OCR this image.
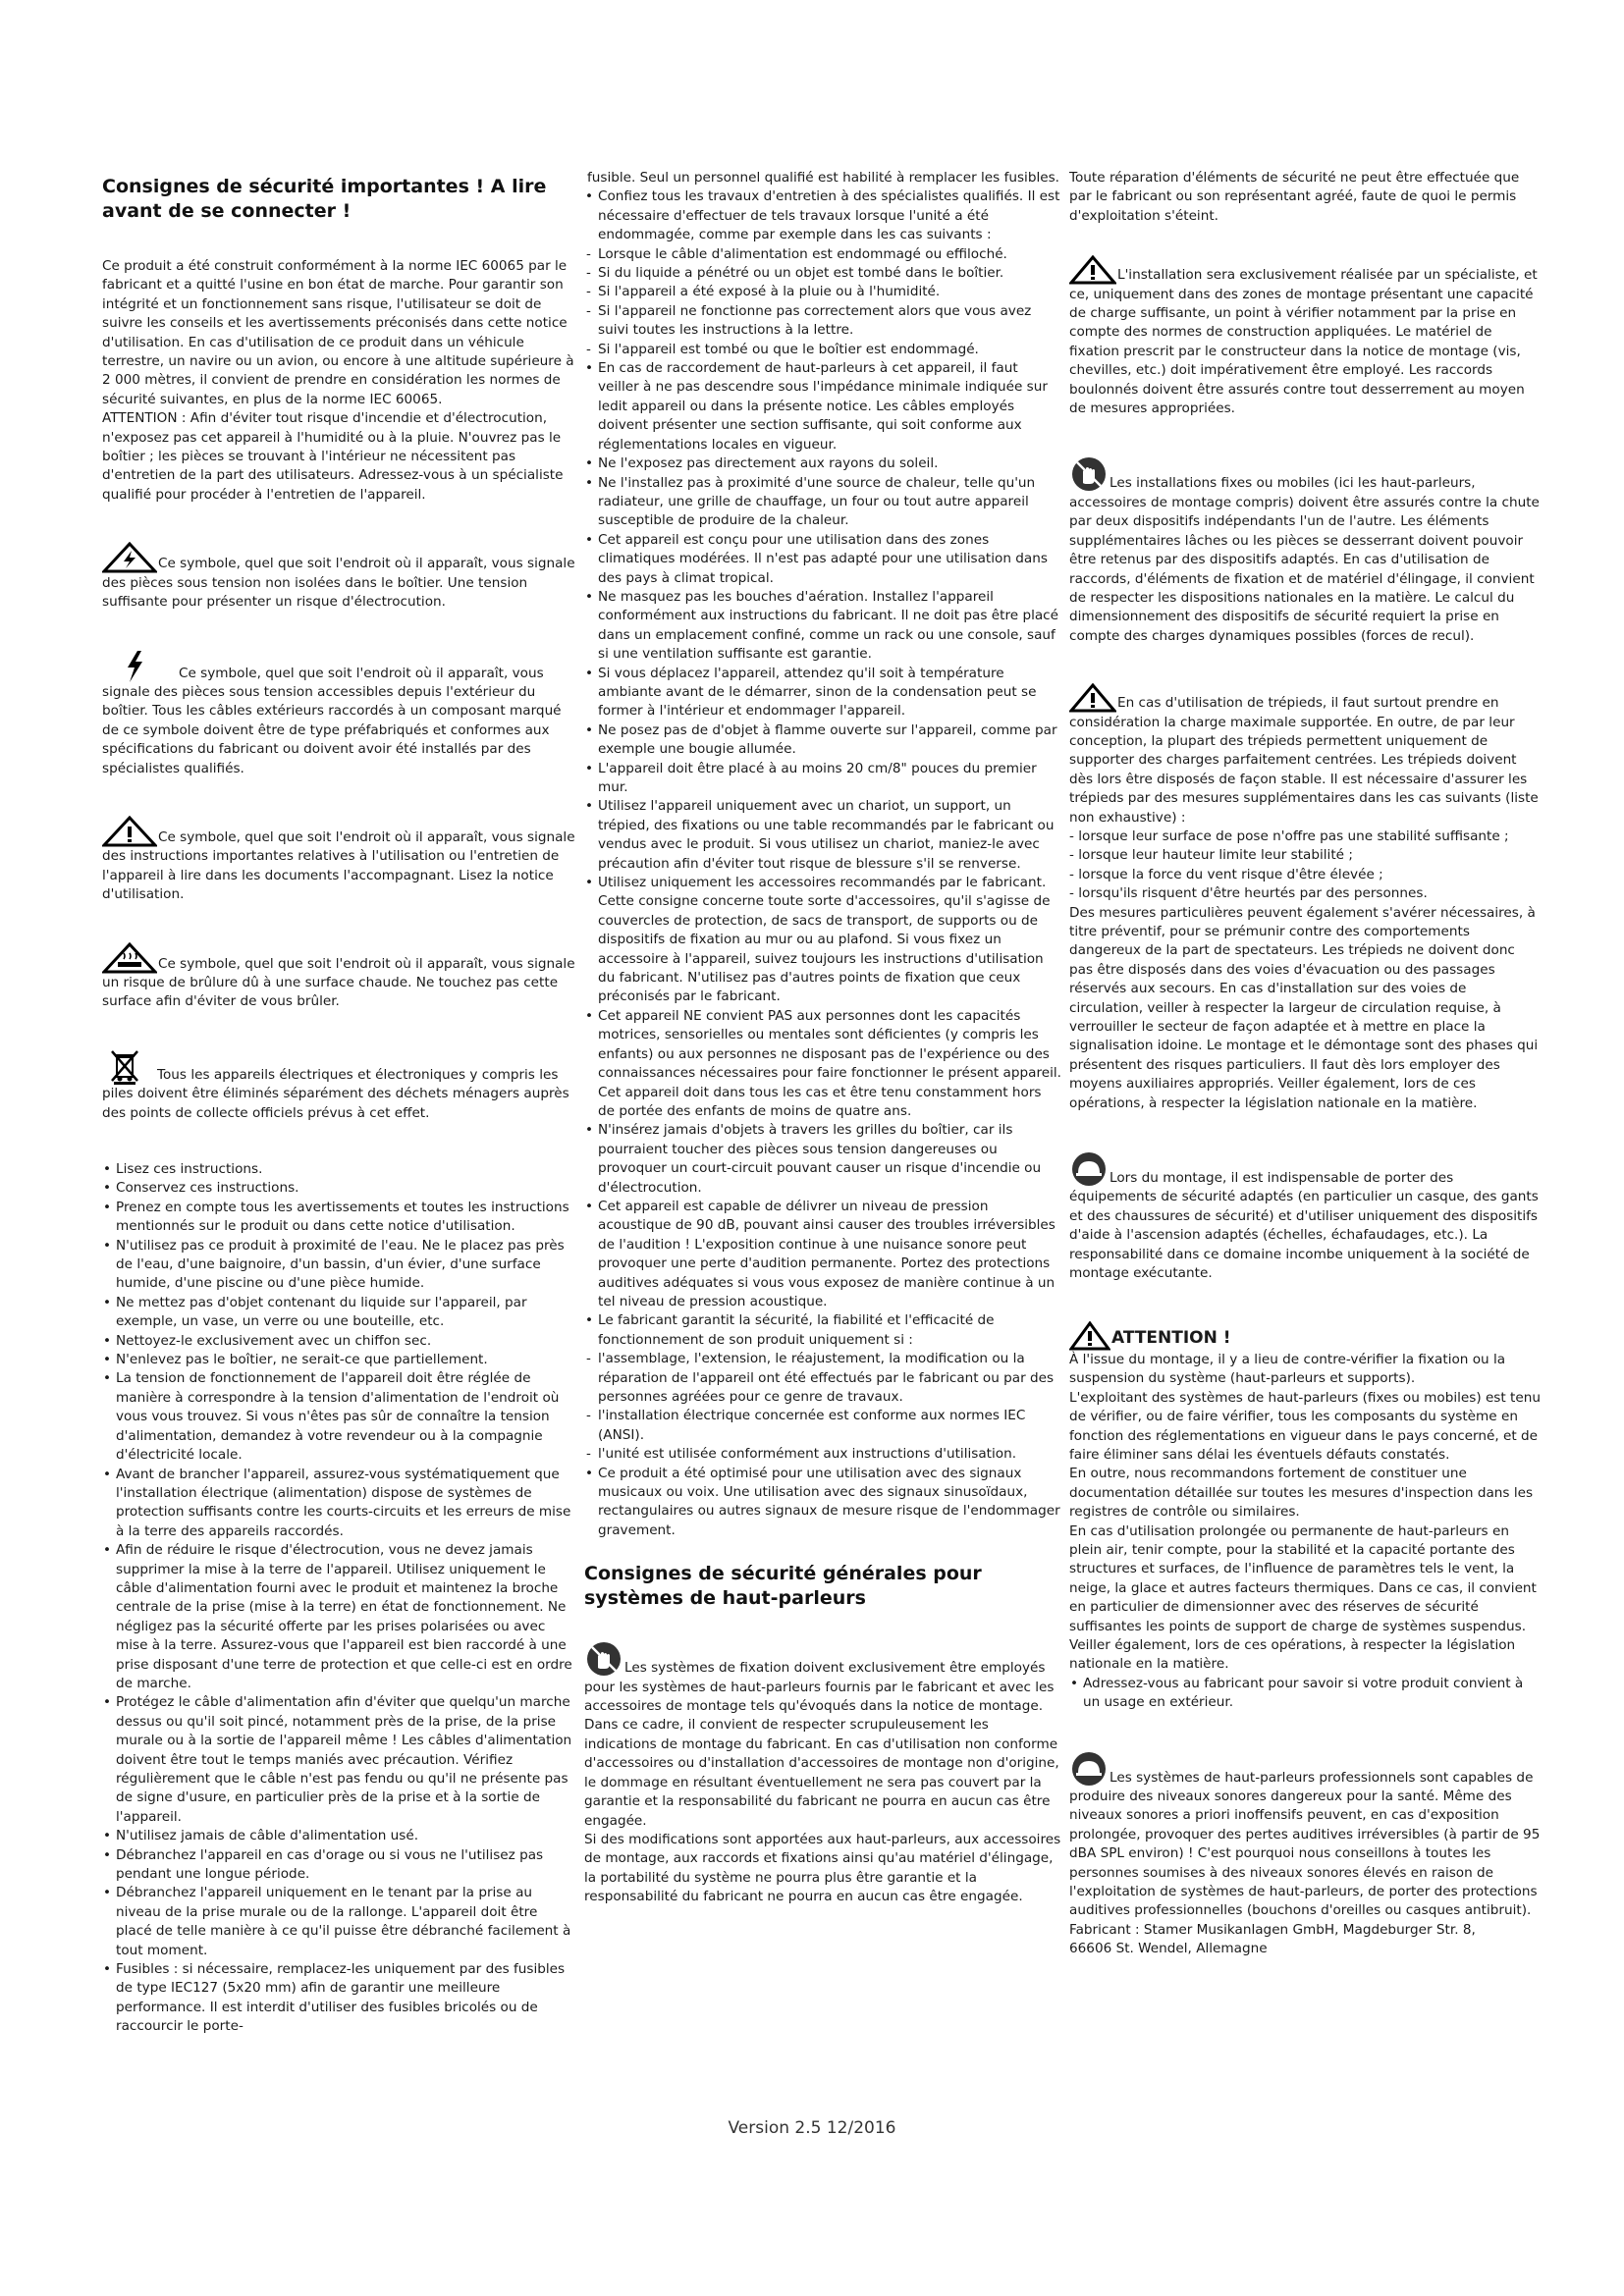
Consignes de sécurité importantes ! A lire avant de se connecter !

Ce produit a été construit conformément à la norme IEC 60065 par le fabricant et a quitté l'usine en bon état de marche. Pour garantir son intégrité et un fonctionnement sans risque, l'utilisateur se doit de suivre les conseils et les avertissements préconisés dans cette notice d'utilisation. En cas d'utilisation de ce produit dans un véhicule terrestre, un navire ou un avion, ou encore à une altitude supérieure à 2 000 mètres, il convient de prendre en considération les normes de sécurité suivantes, en plus de la norme IEC 60065.

ATTENTION : Afin d'éviter tout risque d'incendie et d'électrocution, n'exposez pas cet appareil à l'humidité ou à la pluie. N'ouvrez pas le boîtier ; les pièces se trouvant à l'intérieur ne nécessitent pas d'entretien de la part des utilisateurs. Adressez-vous à un spécialiste qualifié pour procéder à l'entretien de l'appareil.

Ce symbole, quel que soit l'endroit où il apparaît, vous signale des pièces sous tension non isolées dans le boîtier. Une tension suffisante pour présenter un risque d'électrocution.

Ce symbole, quel que soit l'endroit où il apparaît, vous signale des pièces sous tension accessibles depuis l'extérieur du boîtier. Tous les câbles extérieurs raccordés à un composant marqué de ce symbole doivent être de type préfabriqués et conformes aux spécifications du fabricant ou doivent avoir été installés par des spécialistes qualifiés.

Ce symbole, quel que soit l'endroit où il apparaît, vous signale des instructions importantes relatives à l'utilisation ou l'entretien de l'appareil à lire dans les documents l'accompagnant. Lisez la notice d'utilisation.

Ce symbole, quel que soit l'endroit où il apparaît, vous signale un risque de brûlure dû à une surface chaude. Ne touchez pas cette surface afin d'éviter de vous brûler.

Tous les appareils électriques et électroniques y compris les piles doivent être éliminés séparément des déchets ménagers auprès des points de collecte officiels prévus à cet effet.

• Lisez ces instructions.
• Conservez ces instructions.
• Prenez en compte tous les avertissements et toutes les instructions mentionnés sur le produit ou dans cette notice d'utilisation.
• N'utilisez pas ce produit à proximité de l'eau. Ne le placez pas près de l'eau, d'une baignoire, d'un bassin, d'un évier, d'une surface humide, d'une piscine ou d'une pièce humide.
• Ne mettez pas d'objet contenant du liquide sur l'appareil, par exemple, un vase, un verre ou une bouteille, etc.
• Nettoyez-le exclusivement avec un chiffon sec.
• N'enlevez pas le boîtier, ne serait-ce que partiellement.
• La tension de fonctionnement de l'appareil doit être réglée de manière à correspondre à la tension d'alimentation de l'endroit où vous vous trouvez. Si vous n'êtes pas sûr de connaître la tension d'alimentation, demandez à votre revendeur ou à la compagnie d'électricité locale.
• Avant de brancher l'appareil, assurez-vous systématiquement que l'installation électrique (alimentation) dispose de systèmes de protection suffisants contre les courts-circuits et les erreurs de mise à la terre des appareils raccordés.
• Afin de réduire le risque d'électrocution, vous ne devez jamais supprimer la mise à la terre de l'appareil. Utilisez uniquement le câble d'alimentation fourni avec le produit et maintenez la broche centrale de la prise (mise à la terre) en état de fonctionnement. Ne négligez pas la sécurité offerte par les prises polarisées ou avec mise à la terre. Assurez-vous que l'appareil est bien raccordé à une prise disposant d'une terre de protection et que celle-ci est en ordre de marche.
• Protégez le câble d'alimentation afin d'éviter que quelqu'un marche dessus ou qu'il soit pincé, notamment près de la prise, de la prise murale ou à la sortie de l'appareil même ! Les câbles d'alimentation doivent être tout le temps maniés avec précaution. Vérifiez régulièrement que le câble n'est pas fendu ou qu'il ne présente pas de signe d'usure, en particulier près de la prise et à la sortie de l'appareil.
• N'utilisez jamais de câble d'alimentation usé.
• Débranchez l'appareil en cas d'orage ou si vous ne l'utilisez pas pendant une longue période.
• Débranchez l'appareil uniquement en le tenant par la prise au niveau de la prise murale ou de la rallonge. L'appareil doit être placé de telle manière à ce qu'il puisse être débranché facilement à tout moment.
• Fusibles : si nécessaire, remplacez-les uniquement par des fusibles de type IEC127 (5x20 mm) afin de garantir une meilleure performance. Il est interdit d'utiliser des fusibles bricolés ou de raccourcir le porte-

fusible. Seul un personnel qualifié est habilité à remplacer les fusibles.

• Confiez tous les travaux d'entretien à des spécialistes qualifiés. Il est nécessaire d'effectuer de tels travaux lorsque l'unité a été endommagée, comme par exemple dans les cas suivants :
- Lorsque le câble d'alimentation est endommagé ou effiloché.
- Si du liquide a pénétré ou un objet est tombé dans le boîtier.
- Si l'appareil a été exposé à la pluie ou à l'humidité.
- Si l'appareil ne fonctionne pas correctement alors que vous avez suivi toutes les instructions à la lettre.
- Si l'appareil est tombé ou que le boîtier est endommagé.
• En cas de raccordement de haut-parleurs à cet appareil, il faut veiller à ne pas descendre sous l'impédance minimale indiquée sur ledit appareil ou dans la présente notice. Les câbles employés doivent présenter une section suffisante, qui soit conforme aux réglementations locales en vigueur.
• Ne l'exposez pas directement aux rayons du soleil.
• Ne l'installez pas à proximité d'une source de chaleur, telle qu'un radiateur, une grille de chauffage, un four ou tout autre appareil susceptible de produire de la chaleur.
• Cet appareil est conçu pour une utilisation dans des zones climatiques modérées. Il n'est pas adapté pour une utilisation dans des pays à climat tropical.
• Ne masquez pas les bouches d'aération. Installez l'appareil conformément aux instructions du fabricant. Il ne doit pas être placé dans un emplacement confiné, comme un rack ou une console, sauf si une ventilation suffisante est garantie.
• Si vous déplacez l'appareil, attendez qu'il soit à température ambiante avant de le démarrer, sinon de la condensation peut se former à l'intérieur et endommager l'appareil.
• Ne posez pas de d'objet à flamme ouverte sur l'appareil, comme par exemple une bougie allumée.
• L'appareil doit être placé à au moins 20 cm/8" pouces du premier mur.
• Utilisez l'appareil uniquement avec un chariot, un support, un trépied, des fixations ou une table recommandés par le fabricant ou vendus avec le produit. Si vous utilisez un chariot, maniez-le avec précaution afin d'éviter tout risque de blessure s'il se renverse.
• Utilisez uniquement les accessoires recommandés par le fabricant. Cette consigne concerne toute sorte d'accessoires, qu'il s'agisse de couvercles de protection, de sacs de transport, de supports ou de dispositifs de fixation au mur ou au plafond. Si vous fixez un accessoire à l'appareil, suivez toujours les instructions d'utilisation du fabricant. N'utilisez pas d'autres points de fixation que ceux préconisés par le fabricant.
• Cet appareil NE convient PAS aux personnes dont les capacités motrices, sensorielles ou mentales sont déficientes (y compris les enfants) ou aux personnes ne disposant pas de l'expérience ou des connaissances nécessaires pour faire fonctionner le présent appareil. Cet appareil doit dans tous les cas et être tenu constamment hors de portée des enfants de moins de quatre ans.
• N'insérez jamais d'objets à travers les grilles du boîtier, car ils pourraient toucher des pièces sous tension dangereuses ou provoquer un court-circuit pouvant causer un risque d'incendie ou d'électrocution.
• Cet appareil est capable de délivrer un niveau de pression acoustique de 90 dB, pouvant ainsi causer des troubles irréversibles de l'audition ! L'exposition continue à une nuisance sonore peut provoquer une perte d'audition permanente. Portez des protections auditives adéquates si vous vous exposez de manière continue à un tel niveau de pression acoustique.
• Le fabricant garantit la sécurité, la fiabilité et l'efficacité de fonctionnement de son produit uniquement si :
- l'assemblage, l'extension, le réajustement, la modification ou la réparation de l'appareil ont été effectués par le fabricant ou par des personnes agréées pour ce genre de travaux.
- l'installation électrique concernée est conforme aux normes IEC (ANSI).
- l'unité est utilisée conformément aux instructions d'utilisation.
• Ce produit a été optimisé pour une utilisation avec des signaux musicaux ou voix. Une utilisation avec des signaux sinusoïdaux, rectangulaires ou autres signaux de mesure risque de l'endommager gravement.
Consignes de sécurité générales pour systèmes de haut-parleurs

Les systèmes de fixation doivent exclusivement être employés pour les systèmes de haut-parleurs fournis par le fabricant et avec les accessoires de montage tels qu'évoqués dans la notice de montage. Dans ce cadre, il convient de respecter scrupuleusement les indications de montage du fabricant. En cas d'utilisation non conforme d'accessoires ou d'installation d'accessoires de montage non d'origine, le dommage en résultant éventuellement ne sera pas couvert par la garantie et la responsabilité du fabricant ne pourra en aucun cas être engagée.

Si des modifications sont apportées aux haut-parleurs, aux accessoires de montage, aux raccords et fixations ainsi qu'au matériel d'élingage, la portabilité du système ne pourra plus être garantie et la responsabilité du fabricant ne pourra en aucun cas être engagée.

Toute réparation d'éléments de sécurité ne peut être effectuée que par le fabricant ou son représentant agréé, faute de quoi le permis d'exploitation s'éteint.

L'installation sera exclusivement réalisée par un spécialiste, et ce, uniquement dans des zones de montage présentant une capacité de charge suffisante, un point à vérifier notamment par la prise en compte des normes de construction appliquées. Le matériel de fixation prescrit par le constructeur dans la notice de montage (vis, chevilles, etc.) doit impérativement être employé. Les raccords boulonnés doivent être assurés contre tout desserrement au moyen de mesures appropriées.

Les installations fixes ou mobiles (ici les haut-parleurs, accessoires de montage compris) doivent être assurés contre la chute par deux dispositifs indépendants l'un de l'autre. Les éléments supplémentaires lâches ou les pièces se desserrant doivent pouvoir être retenus par des dispositifs adaptés. En cas d'utilisation de raccords, d'éléments de fixation et de matériel d'élingage, il convient de respecter les dispositions nationales en la matière. Le calcul du dimensionnement des dispositifs de sécurité requiert la prise en compte des charges dynamiques possibles (forces de recul).

En cas d'utilisation de trépieds, il faut surtout prendre en considération la charge maximale supportée. En outre, de par leur conception, la plupart des trépieds permettent uniquement de supporter des charges parfaitement centrées. Les trépieds doivent dès lors être disposés de façon stable. Il est nécessaire d'assurer les trépieds par des mesures supplémentaires dans les cas suivants (liste non exhaustive) :

- lorsque leur surface de pose n'offre pas une stabilité suffisante ;
- lorsque leur hauteur limite leur stabilité ;
- lorsque la force du vent risque d'être élevée ;
- lorsqu'ils risquent d'être heurtés par des personnes.

Des mesures particulières peuvent également s'avérer nécessaires, à titre préventif, pour se prémunir contre des comportements dangereux de la part de spectateurs. Les trépieds ne doivent donc pas être disposés dans des voies d'évacuation ou des passages réservés aux secours. En cas d'installation sur des voies de circulation, veiller à respecter la largeur de circulation requise, à verrouiller le secteur de façon adaptée et à mettre en place la signalisation idoine. Le montage et le démontage sont des phases qui présentent des risques particuliers. Il faut dès lors employer des moyens auxiliaires appropriés. Veiller également, lors de ces opérations, à respecter la législation nationale en la matière.

Lors du montage, il est indispensable de porter des équipements de sécurité adaptés (en particulier un casque, des gants et des chaussures de sécurité) et d'utiliser uniquement des dispositifs d'aide à l'ascension adaptés (échelles, échafaudages, etc.). La responsabilité dans ce domaine incombe uniquement à la société de montage exécutante.

ATTENTION !

À l'issue du montage, il y a lieu de contre-vérifier la fixation ou la suspension du système (haut-parleurs et supports).

L'exploitant des systèmes de haut-parleurs (fixes ou mobiles) est tenu de vérifier, ou de faire vérifier, tous les composants du système en fonction des réglementations en vigueur dans le pays concerné, et de faire éliminer sans délai les éventuels défauts constatés.

En outre, nous recommandons fortement de constituer une documentation détaillée sur toutes les mesures d'inspection dans les registres de contrôle ou similaires.

En cas d'utilisation prolongée ou permanente de haut-parleurs en plein air, tenir compte, pour la stabilité et la capacité portante des structures et surfaces, de l'influence de paramètres tels le vent, la neige, la glace et autres facteurs thermiques. Dans ce cas, il convient en particulier de dimensionner avec des réserves de sécurité suffisantes les points de support de charge de systèmes suspendus. Veiller également, lors de ces opérations, à respecter la législation nationale en la matière.

• Adressez-vous au fabricant pour savoir si votre produit convient à un usage en extérieur.

Les systèmes de haut-parleurs professionnels sont capables de produire des niveaux sonores dangereux pour la santé. Même des niveaux sonores a priori inoffensifs peuvent, en cas d'exposition prolongée, provoquer des pertes auditives irréversibles (à partir de 95 dBA SPL environ) ! C'est pourquoi nous conseillons à toutes les personnes soumises à des niveaux sonores élevés en raison de l'exploitation de systèmes de haut-parleurs, de porter des protections auditives professionnelles (bouchons d'oreilles ou casques antibruit).

Fabricant : Stamer Musikanlagen GmbH, Magdeburger Str. 8,

66606 St. Wendel, Allemagne

Version 2.5 12/2016
